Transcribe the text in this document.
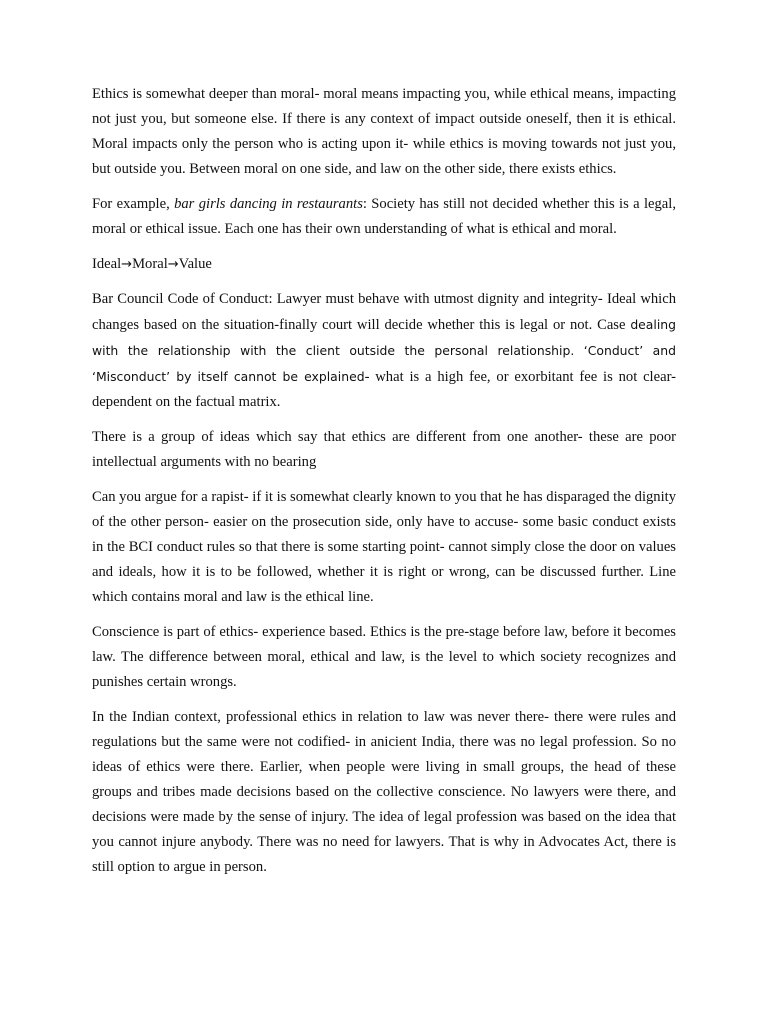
Ethics is somewhat deeper than moral- moral means impacting you, while ethical means, impacting not just you, but someone else. If there is any context of impact outside oneself, then it is ethical. Moral impacts only the person who is acting upon it- while ethics is moving towards not just you, but outside you. Between moral on one side, and law on the other side, there exists ethics.

For example, bar girls dancing in restaurants: Society has still not decided whether this is a legal, moral or ethical issue. Each one has their own understanding of what is ethical and moral.

Ideal→Moral→Value

Bar Council Code of Conduct: Lawyer must behave with utmost dignity and integrity- Ideal which changes based on the situation-finally court will decide whether this is legal or not. Case dealing with the relationship with the client outside the personal relationship. ‘Conduct’ and ‘Misconduct’ by itself cannot be explained- what is a high fee, or exorbitant fee is not clear- dependent on the factual matrix.

There is a group of ideas which say that ethics are different from one another- these are poor intellectual arguments with no bearing

Can you argue for a rapist- if it is somewhat clearly known to you that he has disparaged the dignity of the other person- easier on the prosecution side, only have to accuse- some basic conduct exists in the BCI conduct rules so that there is some starting point- cannot simply close the door on values and ideals, how it is to be followed, whether it is right or wrong, can be discussed further. Line which contains moral and law is the ethical line.

Conscience is part of ethics- experience based. Ethics is the pre-stage before law, before it becomes law. The difference between moral, ethical and law, is the level to which society recognizes and punishes certain wrongs.

In the Indian context, professional ethics in relation to law was never there- there were rules and regulations but the same were not codified- in anicient India, there was no legal profession. So no ideas of ethics were there. Earlier, when people were living in small groups, the head of these groups and tribes made decisions based on the collective conscience. No lawyers were there, and decisions were made by the sense of injury. The idea of legal profession was based on the idea that you cannot injure anybody. There was no need for lawyers. That is why in Advocates Act, there is still option to argue in person.
